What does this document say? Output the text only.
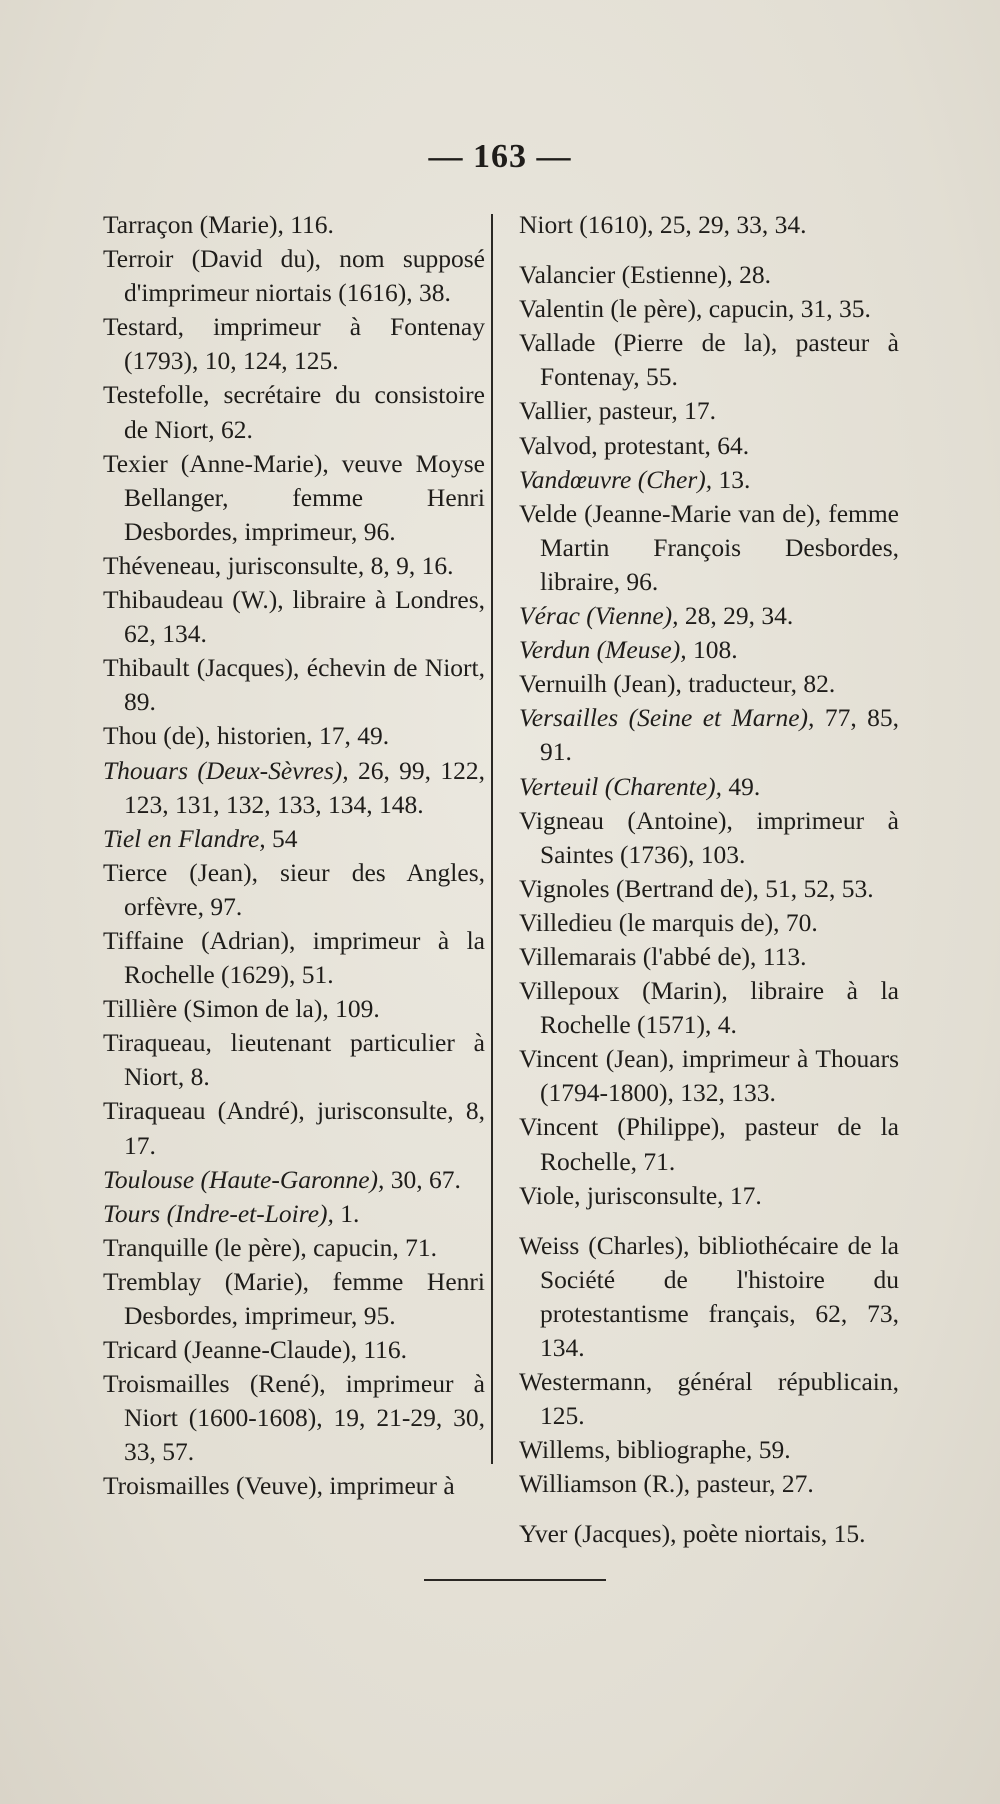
— 163 —
Tarraçon (Marie), 116.
Terroir (David du), nom supposé d'imprimeur niortais (1616), 38.
Testard, imprimeur à Fontenay (1793), 10, 124, 125.
Testefolle, secrétaire du consistoire de Niort, 62.
Texier (Anne-Marie), veuve Moyse Bellanger, femme Henri Desbordes, imprimeur, 96.
Théveneau, jurisconsulte, 8, 9, 16.
Thibaudeau (W.), libraire à Londres, 62, 134.
Thibault (Jacques), échevin de Niort, 89.
Thou (de), historien, 17, 49.
Thouars (Deux-Sèvres), 26, 99, 122, 123, 131, 132, 133, 134, 148.
Tiel en Flandre, 54
Tierce (Jean), sieur des Angles, orfèvre, 97.
Tiffaine (Adrian), imprimeur à la Rochelle (1629), 51.
Tillière (Simon de la), 109.
Tiraqueau, lieutenant particulier à Niort, 8.
Tiraqueau (André), jurisconsulte, 8, 17.
Toulouse (Haute-Garonne), 30, 67.
Tours (Indre-et-Loire), 1.
Tranquille (le père), capucin, 71.
Tremblay (Marie), femme Henri Desbordes, imprimeur, 95.
Tricard (Jeanne-Claude), 116.
Troismailles (René), imprimeur à Niort (1600-1608), 19, 21-29, 30, 33, 57.
Troismailles (Veuve), imprimeur à
Niort (1610), 25, 29, 33, 34.
Valancier (Estienne), 28.
Valentin (le père), capucin, 31, 35.
Vallade (Pierre de la), pasteur à Fontenay, 55.
Vallier, pasteur, 17.
Valvod, protestant, 64.
Vandœuvre (Cher), 13.
Velde (Jeanne-Marie van de), femme Martin François Desbordes, libraire, 96.
Vérac (Vienne), 28, 29, 34.
Verdun (Meuse), 108.
Vernuilh (Jean), traducteur, 82.
Versailles (Seine et Marne), 77, 85, 91.
Verteuil (Charente), 49.
Vigneau (Antoine), imprimeur à Saintes (1736), 103.
Vignoles (Bertrand de), 51, 52, 53.
Villedieu (le marquis de), 70.
Villemarais (l'abbé de), 113.
Villepoux (Marin), libraire à la Rochelle (1571), 4.
Vincent (Jean), imprimeur à Thouars (1794-1800), 132, 133.
Vincent (Philippe), pasteur de la Rochelle, 71.
Viole, jurisconsulte, 17.
Weiss (Charles), bibliothécaire de la Société de l'histoire du protestantisme français, 62, 73, 134.
Westermann, général républicain, 125.
Willems, bibliographe, 59.
Williamson (R.), pasteur, 27.
Yver (Jacques), poète niortais, 15.
